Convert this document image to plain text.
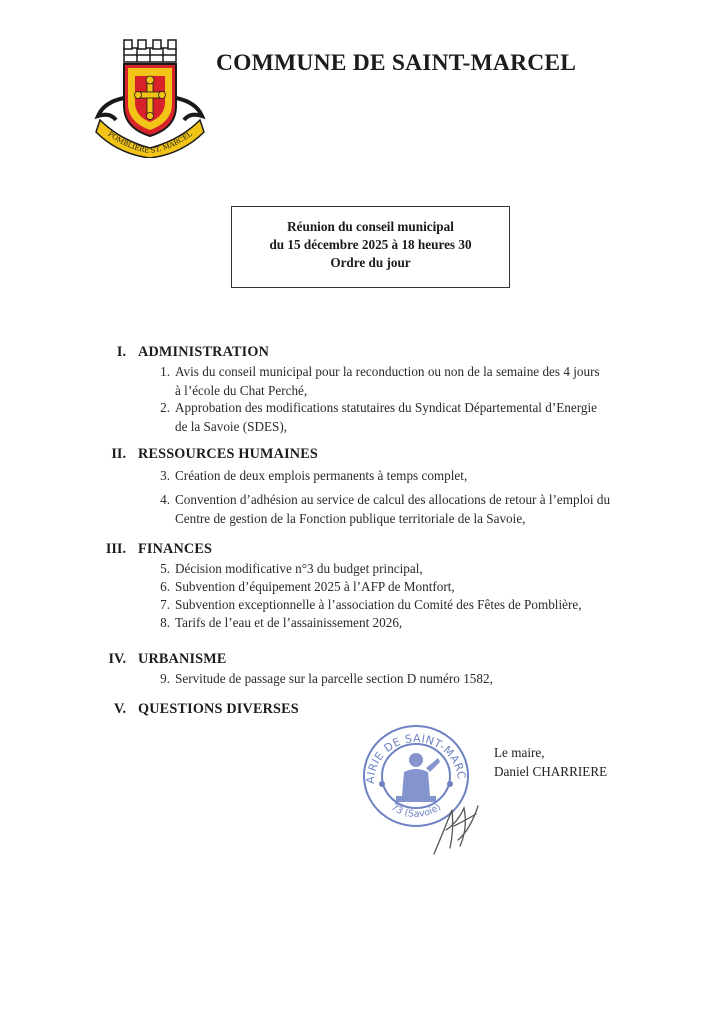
POMBLIERE ST. MARCEL
COMMUNE DE SAINT-MARCEL
Réunion du conseil municipal
du 15 décembre 2025 à 18 heures 30
Ordre du jour
I. ADMINISTRATION
1. Avis du conseil municipal pour la reconduction ou non de la semaine des 4 jours
à l’école du Chat Perché,
2. Approbation des modifications statutaires du Syndicat Départemental d’Energie
de la Savoie (SDES),
II. RESSOURCES HUMAINES
3. Création de deux emplois permanents à temps complet,
4. Convention d’adhésion au service de calcul des allocations de retour à l’emploi du
Centre de gestion de la Fonction publique territoriale de la Savoie,
III. FINANCES
5. Décision modificative n°3 du budget principal,
6. Subvention d’équipement 2025 à l’AFP de Montfort,
7. Subvention exceptionnelle à l’association du Comité des Fêtes de Pomblière,
8. Tarifs de l’eau et de l’assainissement 2026,
IV. URBANISME
9. Servitude de passage sur la parcelle section D numéro 1582,
V. QUESTIONS DIVERSES
AIRIE DE SAINT-MARC
73 (Savoie)
Le maire,
Daniel CHARRIERE
